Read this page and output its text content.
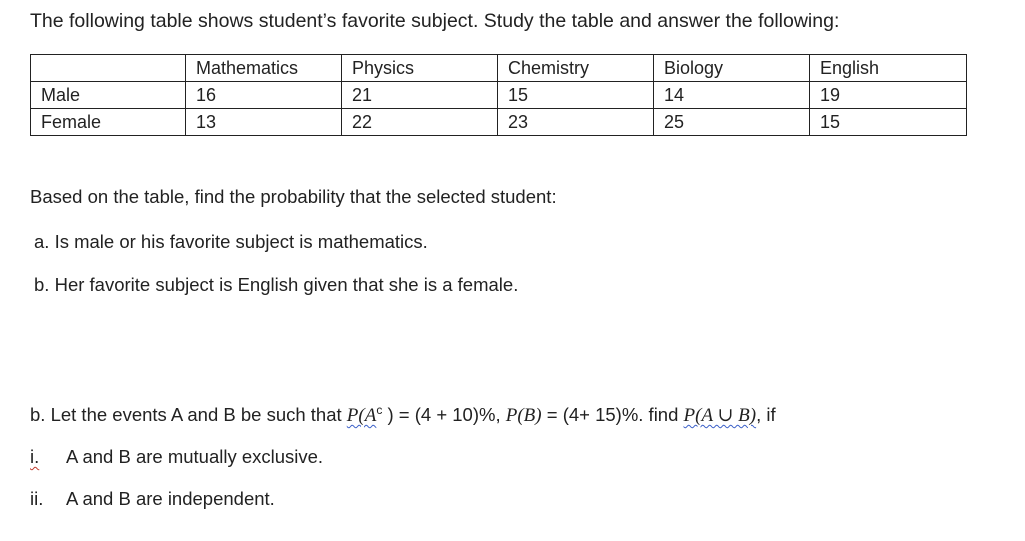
The following table shows student’s favorite subject. Study the table and answer the following:

	Mathematics	Physics	Chemistry	Biology	English
Male	16	21	15	14	19
Female	13	22	23	25	15
Based on the table, find the probability that the selected student:
a. Is male or his favorite subject is mathematics.
b. Her favorite subject is English given that she is a female.
b. Let the events A and B be such that $P(A^c$ ) = (4 + 10)%, P(B) = (4+ 15)%. find P(A ∪ B), if
i. A and B are mutually exclusive.
ii. A and B are independent.
